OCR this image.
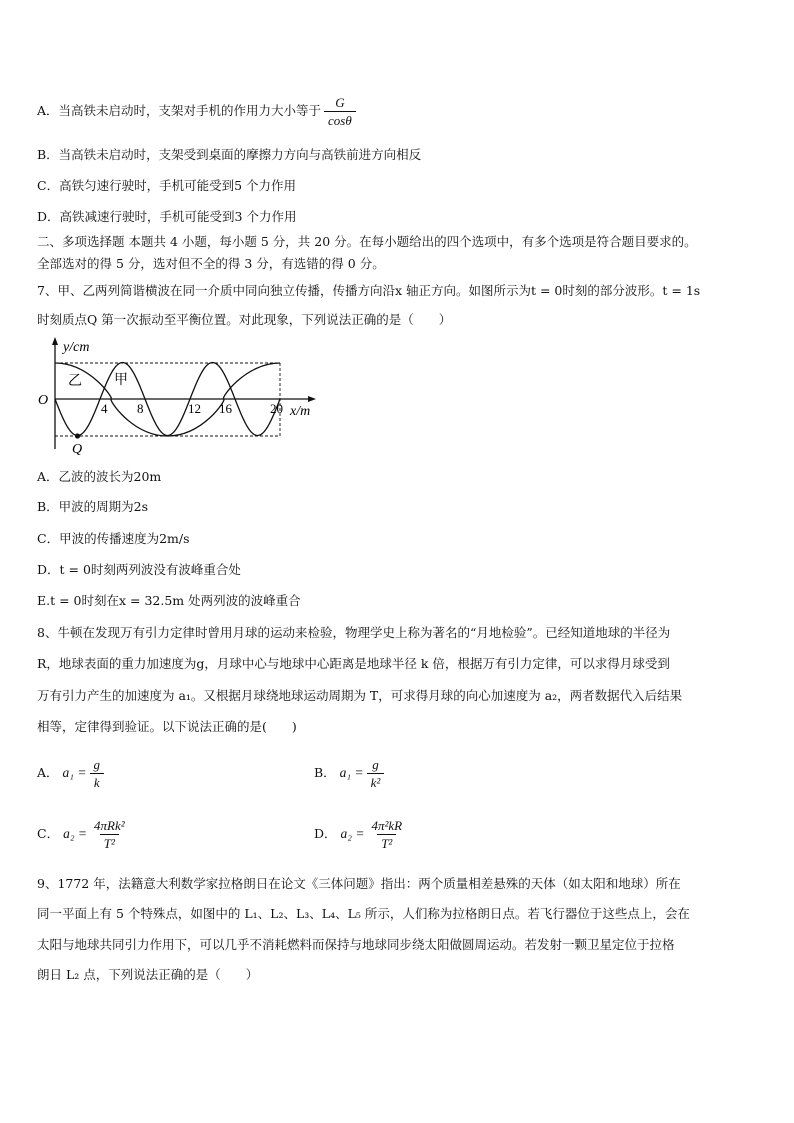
A．当高铁未启动时，支架对手机的作用力大小等于 $\frac{G}{\cos\theta}$
B．当高铁未启动时，支架受到桌面的摩擦力方向与高铁前进方向相反
C．高铁匀速行驶时，手机可能受到5 个力作用
D．高铁减速行驶时，手机可能受到3 个力作用
二、多项选择题 本题共 4 小题，每小题 5 分，共 20 分。在每小题给出的四个选项中，有多个选项是符合题目要求的。
全部选对的得 5 分，选对但不全的得 3 分，有选错的得 0 分。
7、甲、乙两列简谐横波在同一介质中同向独立传播，传播方向沿x 轴正方向。如图所示为t = 0时刻的部分波形。t = 1s
时刻质点Q 第一次振动至平衡位置。对此现象，下列说法正确的是（　　）
y/cm
x/m
O
4 8	12 16	20
乙 甲
Q
A．乙波的波长为20m
B．甲波的周期为2s
C．甲波的传播速度为2m/s
D．t = 0时刻两列波没有波峰重合处
E.t = 0时刻在x = 32.5m 处两列波的波峰重合
8、牛顿在发现万有引力定律时曾用月球的运动来检验，物理学史上称为著名的“月地检验”。已经知道地球的半径为
R，地球表面的重力加速度为g，月球中心与地球中心距离是地球半径 k 倍，根据万有引力定律，可以求得月球受到
万有引力产生的加速度为 a₁。又根据月球绕地球运动周期为 T，可求得月球的向心加速度为 a₂，两者数据代入后结果
相等，定律得到验证。以下说法正确的是(　　)
A． $a_1 = \frac{g}{k}$	B． $a_1 = \frac{g}{\text{k²}}$
C． $a_2 = \frac{\text{4πRk²}}{\text{T²}}$	D． $a_2 = \frac{\text{4π²kR}}{\text{T²}}$
9、1772 年，法籍意大利数学家拉格朗日在论文《三体问题》指出：两个质量相差悬殊的天体（如太阳和地球）所在
同一平面上有 5 个特殊点，如图中的 L₁、L₂、L₃、L₄、L₅ 所示，人们称为拉格朗日点。若飞行器位于这些点上，会在
太阳与地球共同引力作用下，可以几乎不消耗燃料而保持与地球同步绕太阳做圆周运动。若发射一颗卫星定位于拉格
朗日 L₂ 点，下列说法正确的是（　　）
